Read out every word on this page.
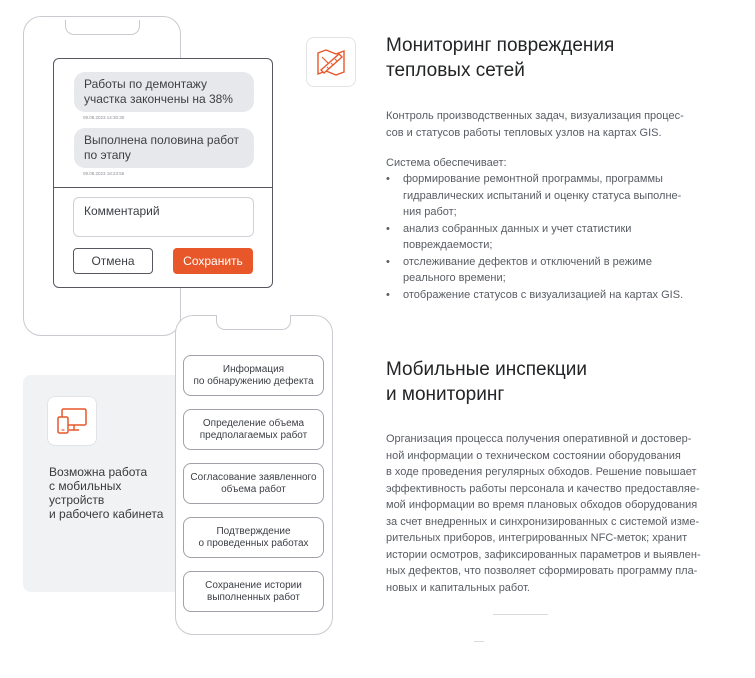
Работы по демонтажу
участка закончены на 38%
09.08.2023 14:30:30
Выполнена половина работ
по этапу
09.08.2023 18:23:56
Комментарий
Отмена	Сохранить
Возможна работа
с мобильных
устройств
и рабочего кабинета
Информация
по обнаружению дефекта
Определение объема
предполагаемых работ
Согласование заявленного
объема работ
Подтверждение
о проведенных работах
Сохранение истории
выполненных работ
Мониторинг повреждения
тепловых сетей
Контроль производственных задач, визуализация процес-
сов и статусов работы тепловых узлов на картах GIS.
Система обеспечивает:
• формирование ремонтной программы, программы
гидравлических испытаний и оценку статуса выполне-
ния работ;
• анализ собранных данных и учет статистики
повреждаемости;
• отслеживание дефектов и отключений в режиме
реального времени;
• отображение статусов с визуализацией на картах GIS.
Мобильные инспекции
и мониторинг
Организация процесса получения оперативной и достовер-
ной информации о техническом состоянии оборудования
в ходе проведения регулярных обходов. Решение повышает
эффективность работы персонала и качество предоставляе-
мой информации во время плановых обходов оборудования
за счет внедренных и синхронизированных с системой изме-
рительных приборов, интегрированных NFC-меток; хранит
истории осмотров, зафиксированных параметров и выявлен-
ных дефектов, что позволяет сформировать программу пла-
новых и капитальных работ.
